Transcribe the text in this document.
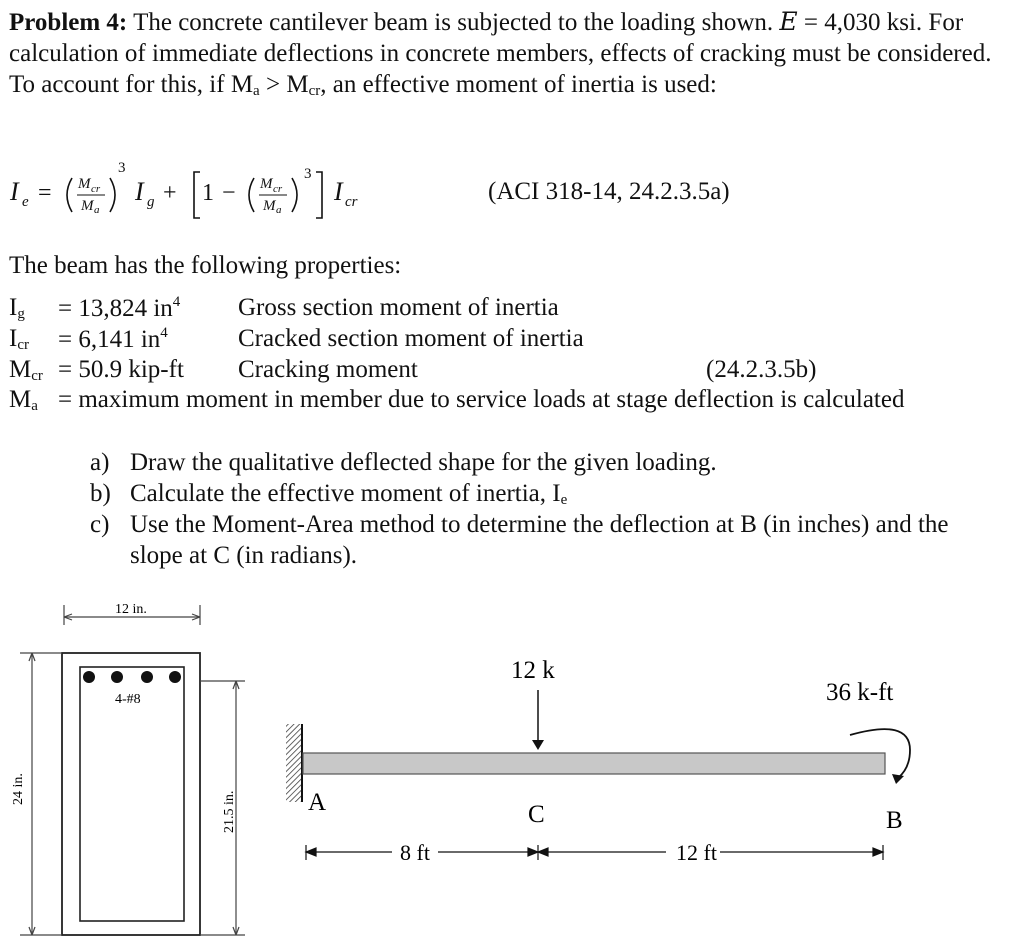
Problem 4: The concrete cantilever beam is subjected to the loading shown. E = 4,030 ksi. For calculation of immediate deflections in concrete members, effects of cracking must be considered. To account for this, if $M_a > M_{cr}$, an effective moment of inertia is used:
I e = M cr
M a
3
I g + 1 − M cr
M a
3
I cr	(ACI 318-14, 24.2.3.5a)
The beam has the following properties:
$I_g = 13,824$ $in^4$ Gross section moment of inertia
$I_{cr} = 6,141$ $in^4$	Cracked section moment of inertia
$M_{cr} = 50.9$ kip-ft Cracking moment	(24.2.3.5b)
$M_a$ = maximum moment in member due to service loads at stage deflection is calculated
a) Draw the qualitative deflected shape for the given loading.
b) Calculate the effective moment of inertia, $I_e$
c) Use the Moment-Area method to determine the deflection at B (in inches) and the slope at C (in radians).
12 in.
4-#8
24 in.
21.5 in.
12 k
36 k-ft
A	C	B
8 ft	12 ft
